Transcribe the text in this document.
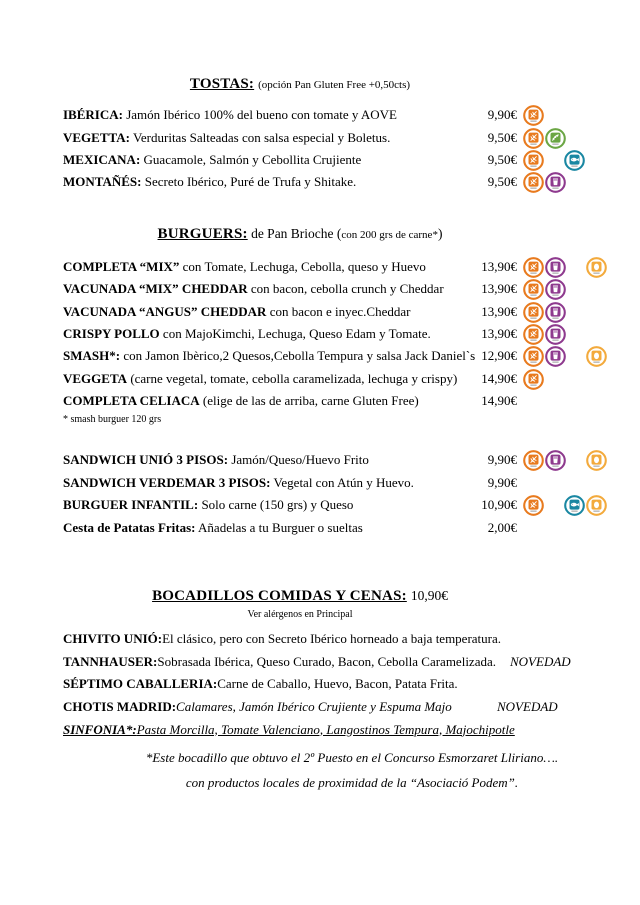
TOSTAS: (opción Pan Gluten Free +0,50cts)
IBÉRICA: Jamón Ibérico 100% del bueno con tomate y AOVE	9,90€
VEGETTA: Verduritas Salteadas con salsa especial y Boletus.	9,50€
MEXICANA: Guacamole, Salmón y Cebollita Crujiente	9,50€
MONTAÑÉS: Secreto Ibérico, Puré de Trufa y Shitake.	9,50€
BURGUERS: de Pan Brioche (con 200 grs de carne*)
COMPLETA “MIX” con Tomate, Lechuga, Cebolla, queso y Huevo	13,90€
VACUNADA “MIX” CHEDDAR con bacon, cebolla crunch y Cheddar	13,90€
VACUNADA “ANGUS” CHEDDAR con bacon e inyec.Cheddar	13,90€
CRISPY POLLO con MajoKimchi, Lechuga, Queso Edam y Tomate.	13,90€
SMASH*: con Jamon Ibèrico,2 Quesos,Cebolla Tempura y salsa Jack Daniel`s 12,90€
VEGGETA (carne vegetal, tomate, cebolla caramelizada, lechuga y crispy)	14,90€
COMPLETA CELIACA (elige de las de arriba, carne Gluten Free)	14,90€
* smash burguer 120 grs
SANDWICH UNIÓ 3 PISOS: Jamón/Queso/Huevo Frito	9,90€
SANDWICH VERDEMAR 3 PISOS: Vegetal con Atún y Huevo.	9,90€
BURGUER INFANTIL: Solo carne (150 grs) y Queso	10,90€
Cesta de Patatas Fritas: Añadelas a tu Burguer o sueltas	2,00€
BOCADILLOS COMIDAS Y CENAS: 10,90€
Ver alérgenos en Principal
CHIVITO UNIÓ: El clásico, pero con Secreto Ibérico horneado a baja temperatura.
TANNHAUSER: Sobrasada Ibérica, Queso Curado, Bacon, Cebolla Caramelizada. NOVEDAD
SÉPTIMO CABALLERIA: Carne de Caballo, Huevo, Bacon, Patata Frita.
CHOTIS MADRID: Calamares, Jamón Ibérico Crujiente y Espuma Majo	NOVEDAD
SINFONIA*: Pasta Morcilla, Tomate Valenciano, Langostinos Tempura, Majochipotle
*Este bocadillo que obtuvo el 2º Puesto en el Concurso Esmorzaret Lliriano….
con productos locales de proximidad de la “Asociació Podem”.
